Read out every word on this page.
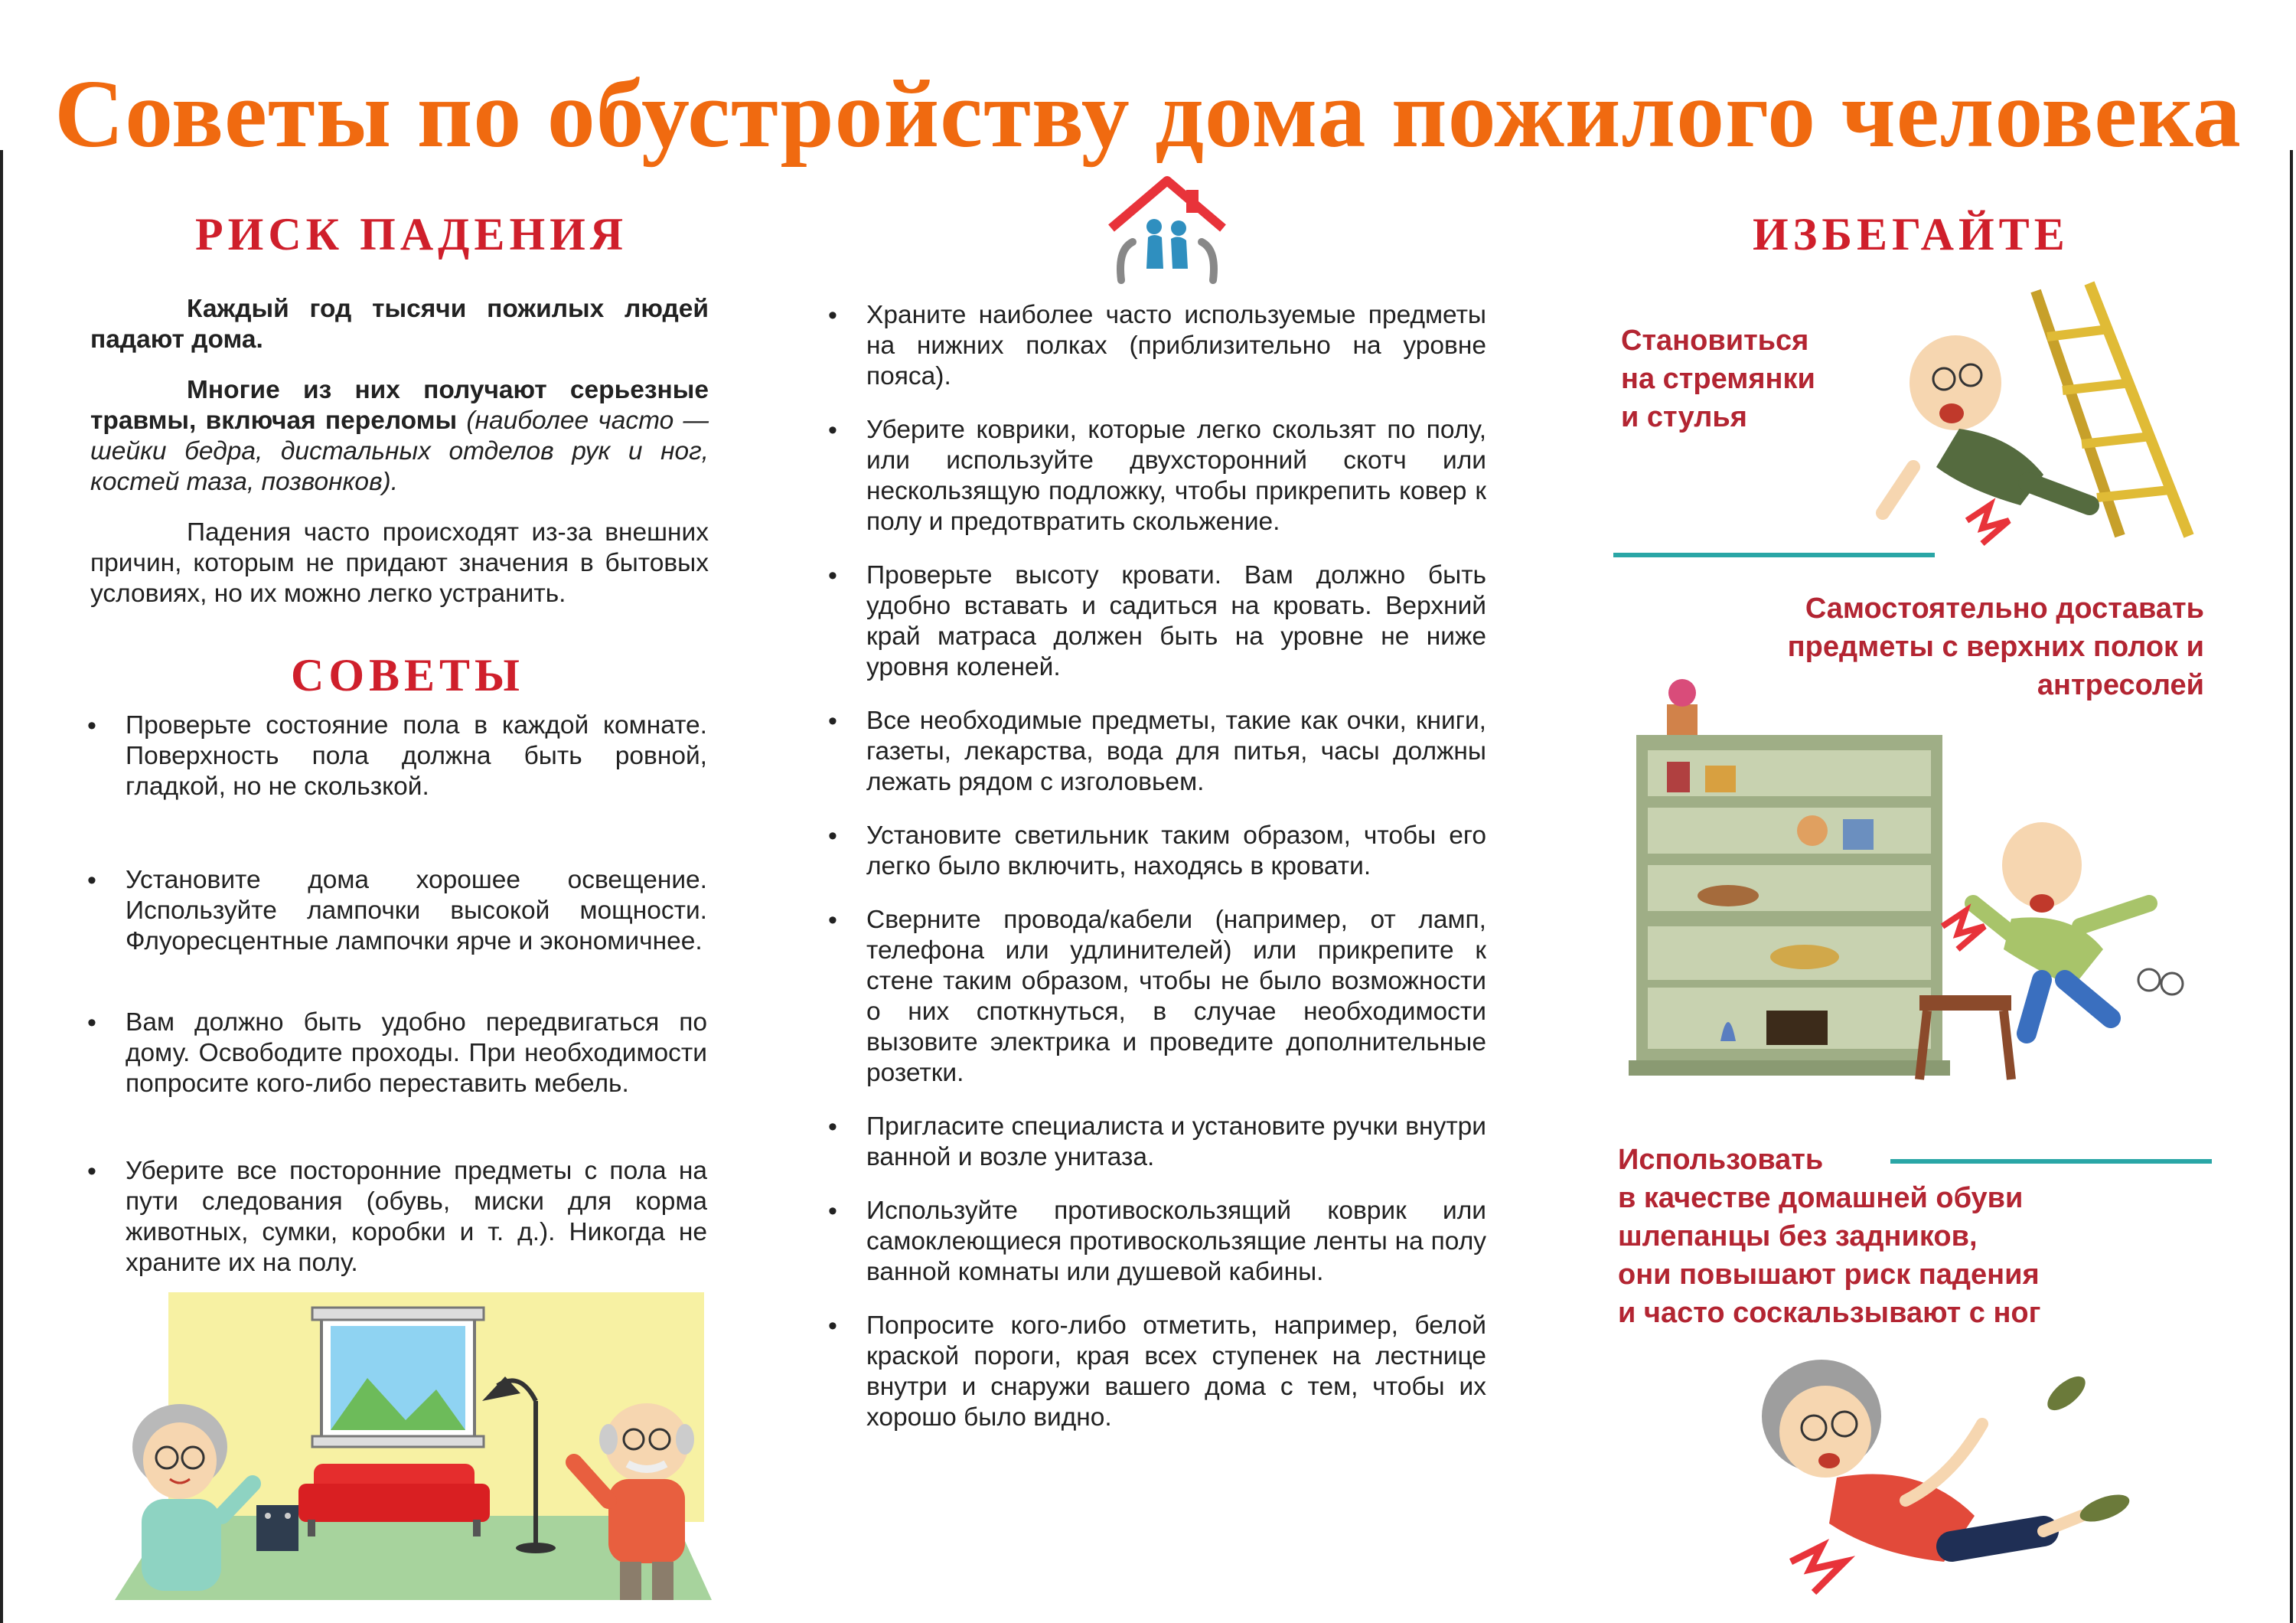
Советы по обустройству дома пожилого человека
РИСК ПАДЕНИЯ

Каждый год тысячи пожилых людей падают дома.

Многие из них получают серьезные травмы, включая переломы (наиболее часто — шейки бедра, дистальных отделов рук и ног, костей таза, позвонков).

Падения часто происходят из-за внешних причин, которым не придают значения в бытовых условиях, но их можно легко устранить.

СОВЕТЫ
• Проверьте состояние пола в каждой комнате. Поверхность пола должна быть ровной, гладкой, но не скользкой.
• Установите дома хорошее освещение. Используйте лампочки высокой мощности. Флуоресцентные лампочки ярче и экономичнее.
• Вам должно быть удобно передвигаться по дому. Освободите проходы. При необходимости попросите кого-либо переставить мебель.
• Уберите все посторонние предметы с пола на пути следования (обувь, миски для корма животных, сумки, коробки и т. д.). Никогда не храните их на полу.
• Храните наиболее часто используемые предметы на нижних полках (приблизительно на уровне пояса).
• Уберите коврики, которые легко скользят по полу, или используйте двухсторонний скотч или нескользящую подложку, чтобы прикрепить ковер к полу и предотвратить скольжение.
• Проверьте высоту кровати. Вам должно быть удобно вставать и садиться на кровать. Верхний край матраса должен быть на уровне не ниже уровня коленей.
• Все необходимые предметы, такие как очки, книги, газеты, лекарства, вода для питья, часы должны лежать рядом с изголовьем.
• Установите светильник таким образом, чтобы его легко было включить, находясь в кровати.
• Сверните провода/кабели (например, от ламп, телефона или удлинителей) или прикрепите к стене таким образом, чтобы не было возможности о них споткнуться, в случае необходимости вызовите электрика и проведите дополнительные розетки.
• Пригласите специалиста и установите ручки внутри ванной и возле унитаза.
• Используйте противоскользящий коврик или самоклеющиеся противоскользящие ленты на полу ванной комнаты или душевой кабины.
• Попросите кого-либо отметить, например, белой краской пороги, края всех ступенек на лестнице внутри и снаружи вашего дома с тем, чтобы их хорошо было видно.
ИЗБЕГАЙТЕ
Становиться
на стремянки
и стулья
Самостоятельно доставать
предметы с верхних полок и
антресолей
Использовать
в качестве домашней обуви
шлепанцы без задников,
они повышают риск падения
и часто соскальзывают с ног
